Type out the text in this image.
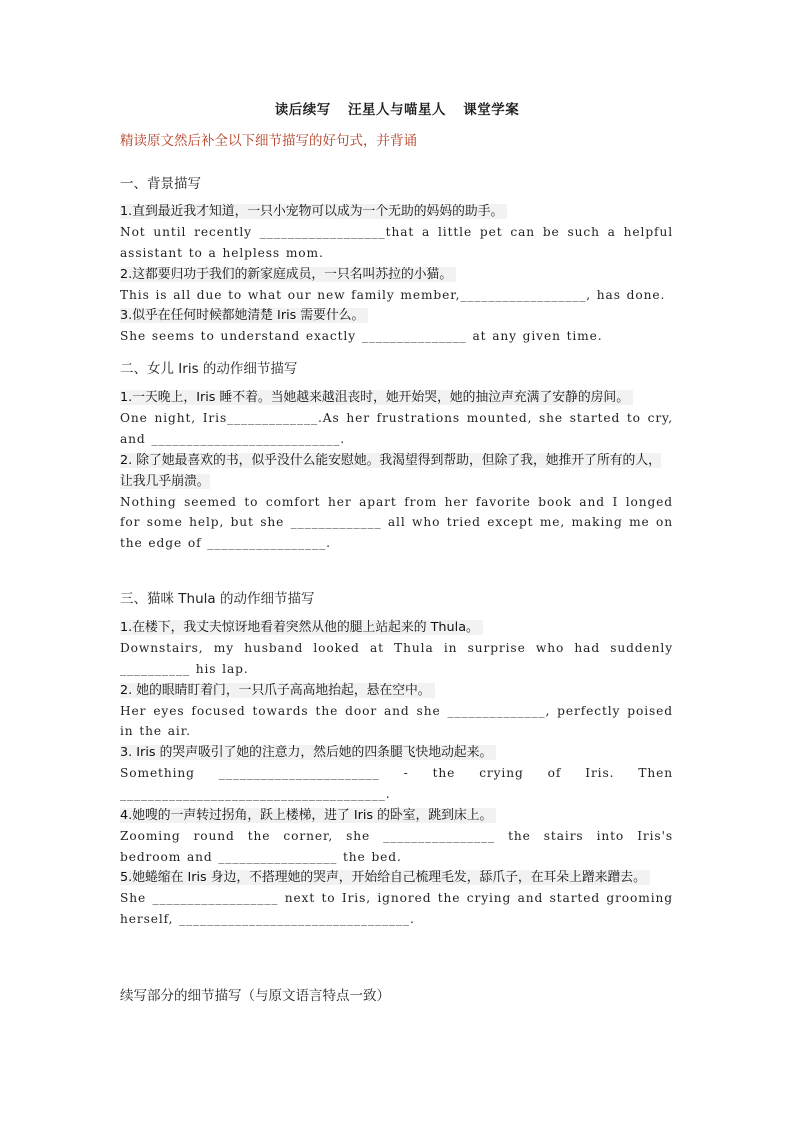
读后续写 汪星人与喵星人 课堂学案
精读原文然后补全以下细节描写的好句式，并背诵
一、背景描写
1.直到最近我才知道，一只小宠物可以成为一个无助的妈妈的助手。
Not until recently __________________that a little pet can be such a helpful assistant to a helpless mom.
2.这都要归功于我们的新家庭成员，一只名叫苏拉的小猫。
This is all due to what our new family member,__________________, has done.
3.似乎在任何时候都她清楚 Iris 需要什么。
She seems to understand exactly _______________ at any given time.
二、女儿 Iris 的动作细节描写
1.一天晚上，Iris 睡不着。当她越来越沮丧时，她开始哭，她的抽泣声充满了安静的房间。
One night, Iris_____________.As her frustrations mounted, she started to cry, and ___________________________.
2. 除了她最喜欢的书，似乎没什么能安慰她。我渴望得到帮助，但除了我，她推开了所有的人，让我几乎崩溃。
Nothing seemed to comfort her apart from her favorite book and I longed for some help, but she _____________ all who tried except me, making me on the edge of _________________.
三、猫咪 Thula 的动作细节描写
1.在楼下，我丈夫惊讶地看着突然从他的腿上站起来的 Thula。
Downstairs, my husband looked at Thula in surprise who had suddenly __________ his lap.
2. 她的眼睛盯着门，一只爪子高高地抬起，悬在空中。
Her eyes focused towards the door and she ______________, perfectly poised in the air.
3. Iris 的哭声吸引了她的注意力，然后她的四条腿飞快地动起来。
Something _______________________ - the crying of Iris. Then
______________________________________.
4.她嗖的一声转过拐角，跃上楼梯，进了 Iris 的卧室，跳到床上。
Zooming round the corner, she ________________ the stairs into Iris's bedroom and _________________ the bed.
5.她蜷缩在 Iris 身边，不搭理她的哭声，开始给自己梳理毛发，舔爪子，在耳朵上蹭来蹭去。
She __________________ next to Iris, ignored the crying and started grooming herself, _________________________________.
续写部分的细节描写（与原文语言特点一致）
